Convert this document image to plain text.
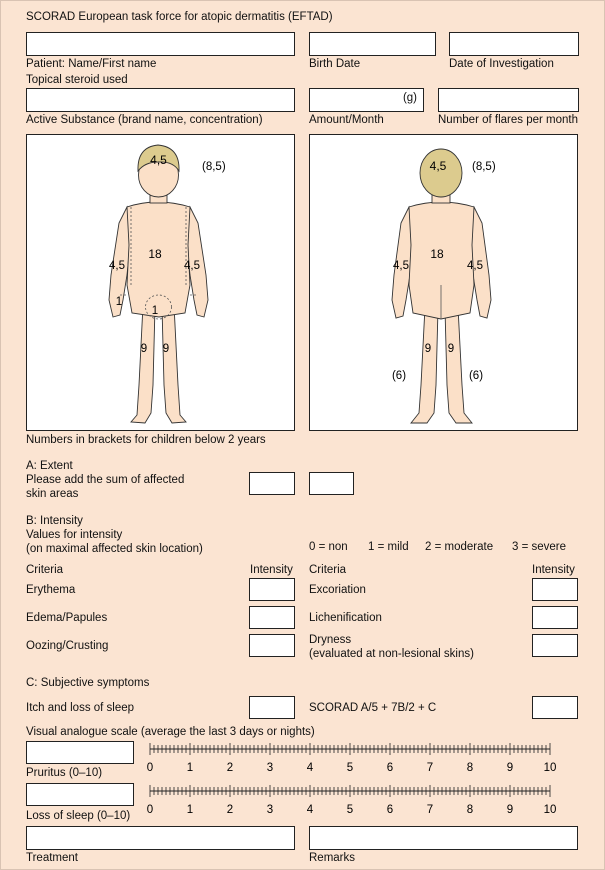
SCORAD European task force for atopic dermatitis (EFTAD)
Patient: Name/First name	Birth Date	Date of Investigation
Topical steroid used
(g)
Active Substance (brand name, concentration)	Amount/Month	Number of flares per month
4,5	(8,5)
18
4,5	4,5
1
1
9 9
4,5 (8,5)
18
4,5	4,5
9 9
(6)	(6)
Numbers in brackets for children below 2 years
A: Extent
Please add the sum of affected
skin areas
B: Intensity
Values for intensity
(on maximal affected skin location)	0 = non 1 = mild 2 = moderate 3 = severe
Criteria	Intensity Criteria	Intensity
Erythema	Excoriation
Edema/Papules	Lichenification
Oozing/Crusting	Dryness
(evaluated at non-lesional skins)
C: Subjective symptoms
Itch and loss of sleep	SCORAD A/5 + 7B/2 + C
Visual analogue scale (average the last 3 days or nights)
Pruritus (0–10)	0	1	2	3	4	5	6	7	8	9	10
Loss of sleep (0–10) 0	1	2	3	4	5	6	7	8	9	10
Treatment	Remarks
